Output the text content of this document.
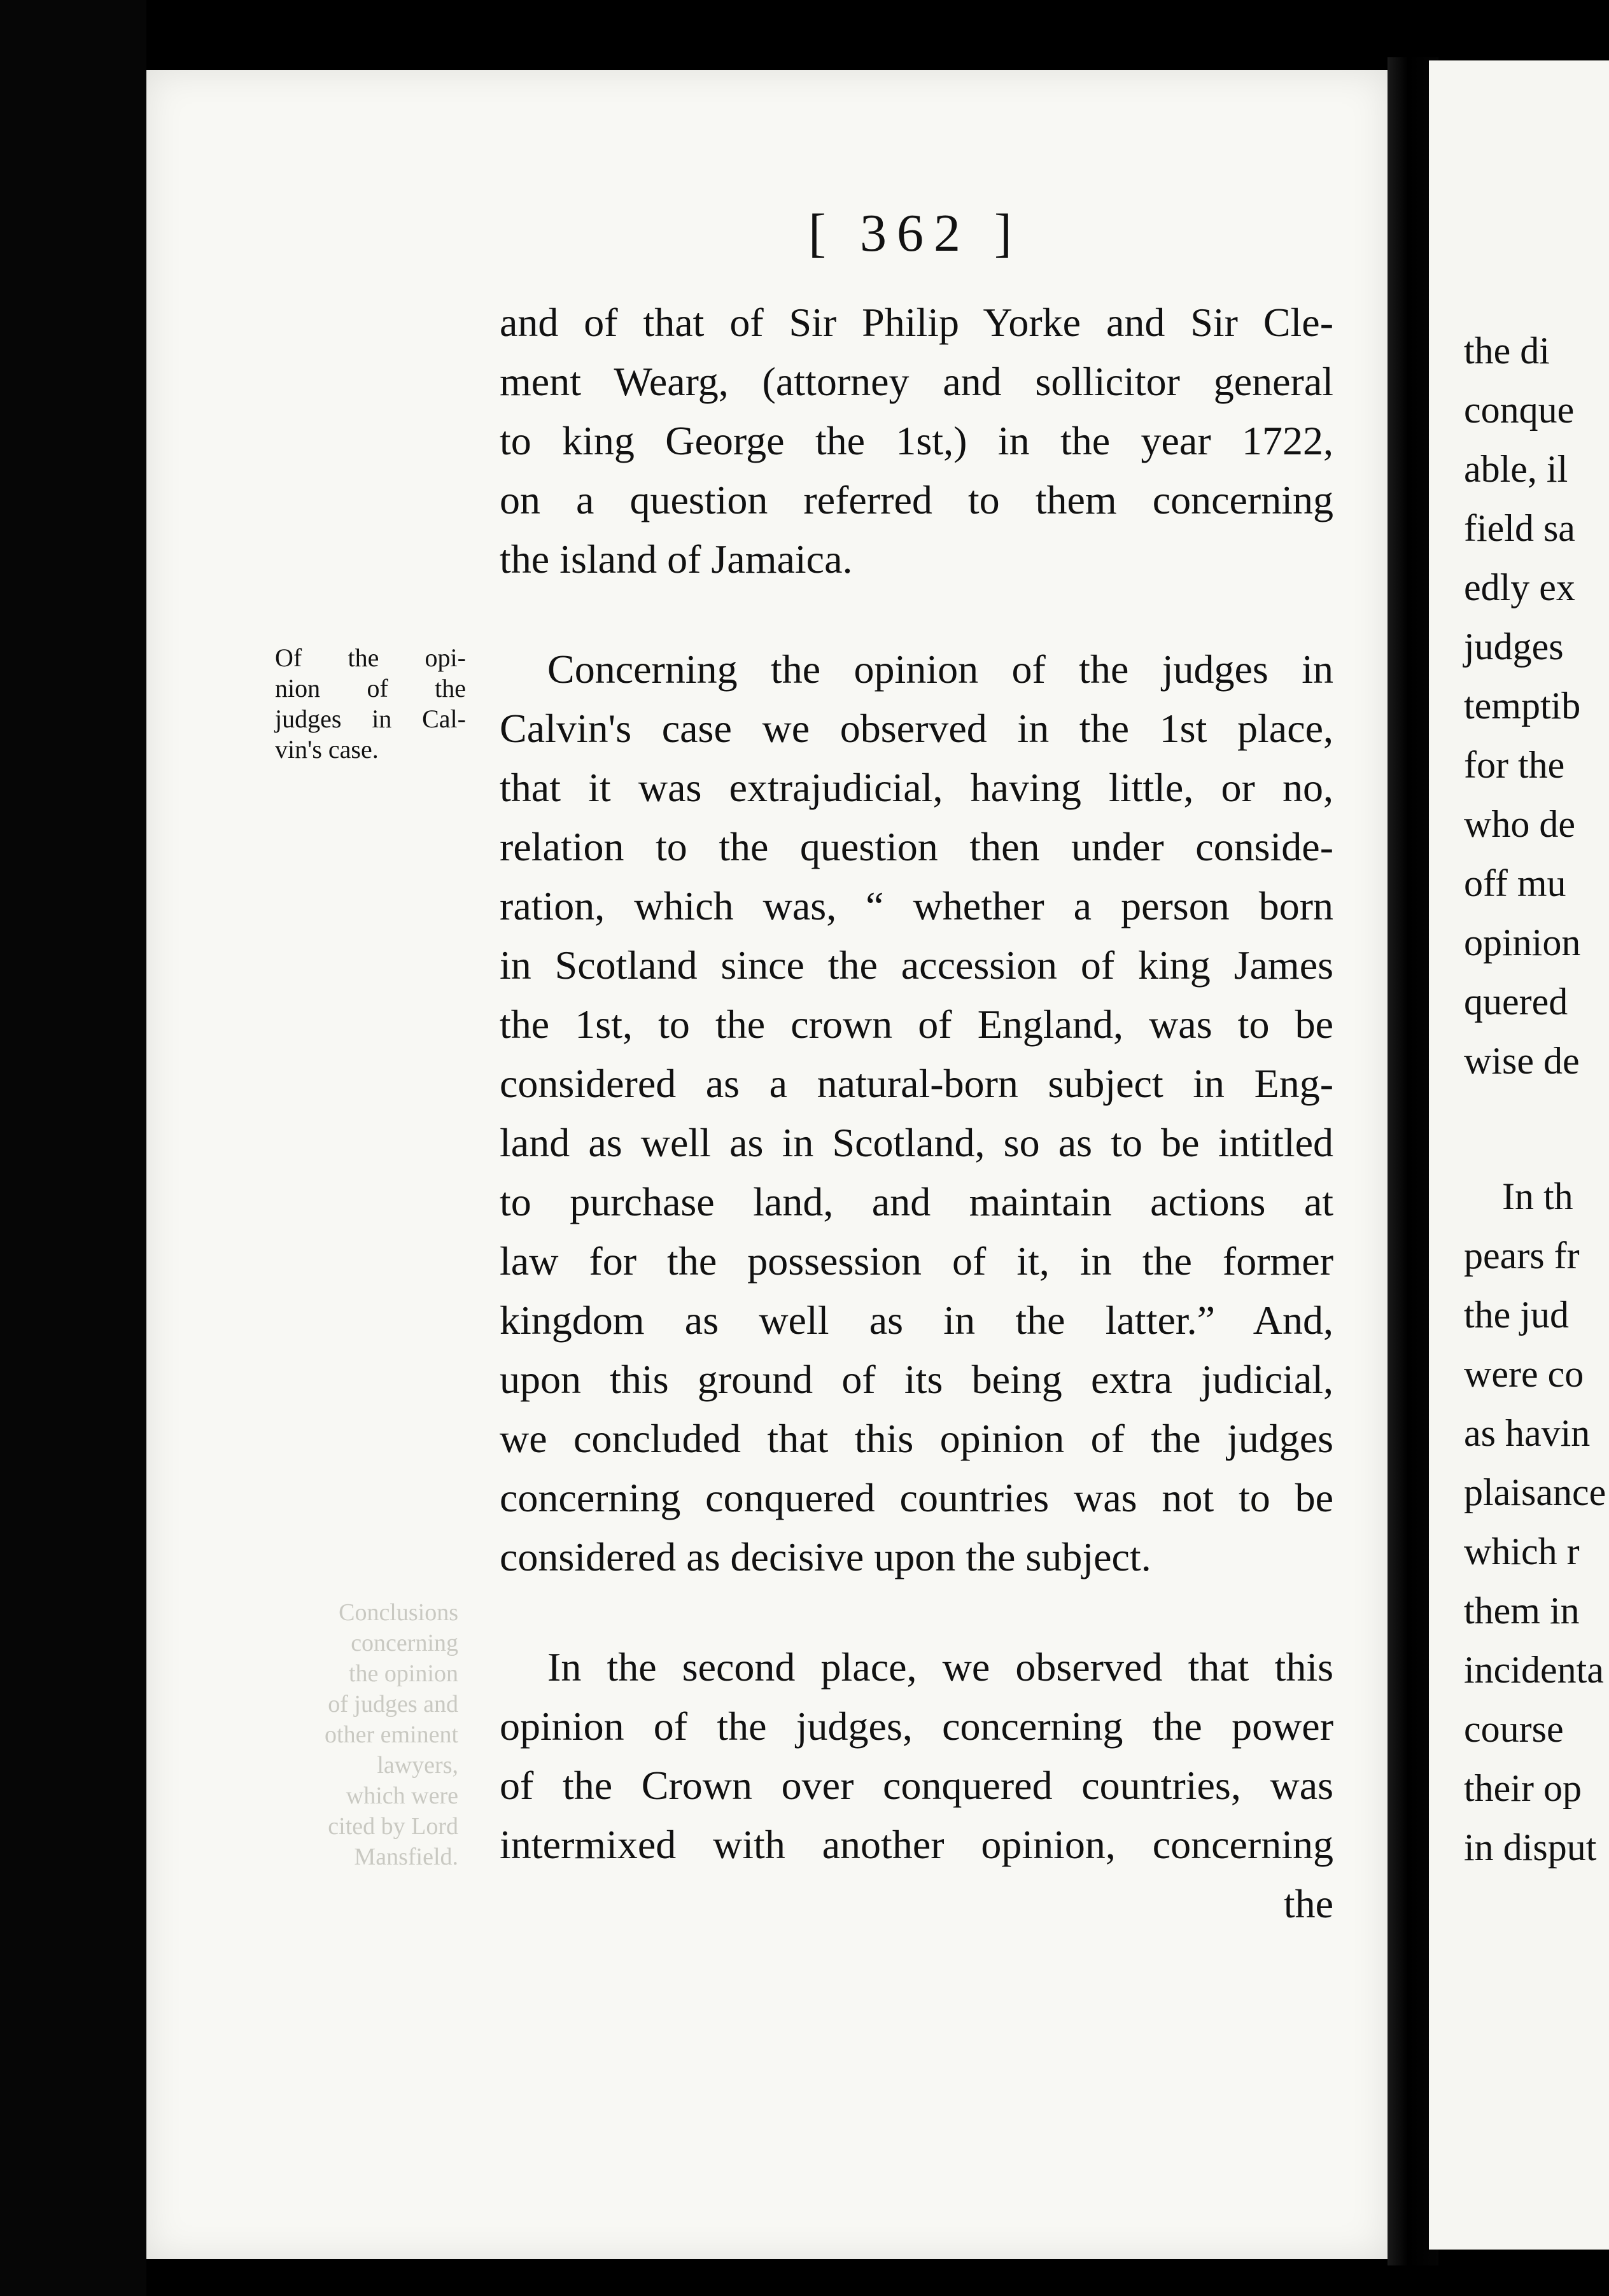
[ 362 ]
Of the opi-
nion of the
judges in Cal-
vin's case.
Conclusions
concerning
the opinion
of judges and
other eminent
lawyers,
which were
cited by Lord
Mansfield.
and of that of Sir Philip Yorke and Sir Cle-
ment Wearg, (attorney and sollicitor general
to king George the 1st,) in the year 1722,
on a question referred to them concerning
the island of Jamaica.
Concerning the opinion of the judges in
Calvin's case we observed in the 1st place,
that it was extrajudicial, having little, or no,
relation to the question then under conside-
ration, which was, “ whether a person born
in Scotland since the accession of king James
the 1st, to the crown of England, was to be
considered as a natural-born subject in Eng-
land as well as in Scotland, so as to be intitled
to purchase land, and maintain actions at
law for the possession of it, in the former
kingdom as well as in the latter.” And,
upon this ground of its being extra judicial,
we concluded that this opinion of the judges
concerning conquered countries was not to be
considered as decisive upon the subject.
In the second place, we observed that this
opinion of the judges, concerning the power
of the Crown over conquered countries, was
intermixed with another opinion, concerning
the
the di
conque
able, il
field sa
edly ex
judges
temptib
for the
who de
off mu
opinion
quered
wise de
In th
pears fr
the jud
were co
as havin
plaisance
which r
them in
incidenta
course
their op
in disput
